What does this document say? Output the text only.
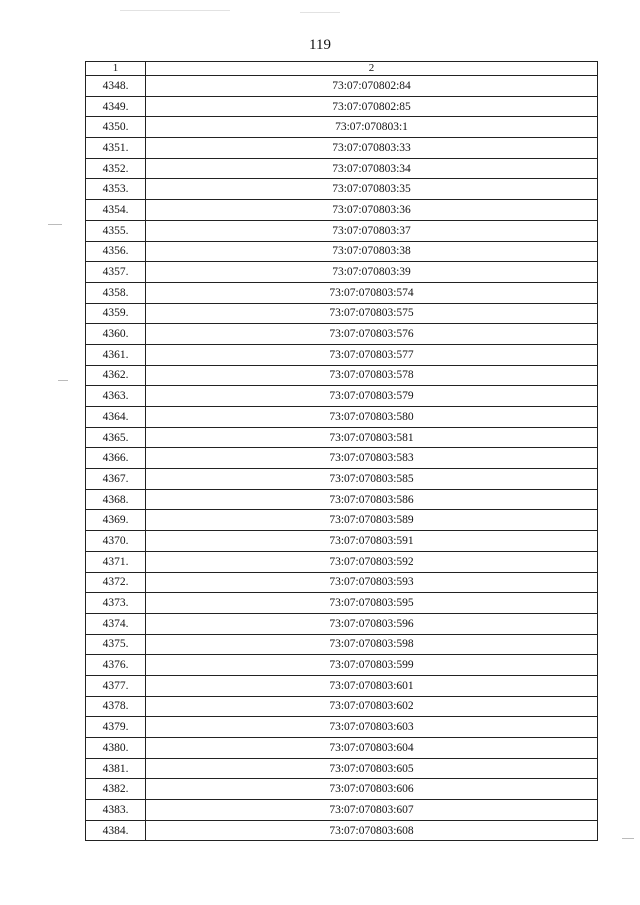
119
1	2
4348.	73:07:070802:84
4349.	73:07:070802:85
4350.	73:07:070803:1
4351.	73:07:070803:33
4352.	73:07:070803:34
4353.	73:07:070803:35
4354.	73:07:070803:36
4355.	73:07:070803:37
4356.	73:07:070803:38
4357.	73:07:070803:39
4358.	73:07:070803:574
4359.	73:07:070803:575
4360.	73:07:070803:576
4361.	73:07:070803:577
4362.	73:07:070803:578
4363.	73:07:070803:579
4364.	73:07:070803:580
4365.	73:07:070803:581
4366.	73:07:070803:583
4367.	73:07:070803:585
4368.	73:07:070803:586
4369.	73:07:070803:589
4370.	73:07:070803:591
4371.	73:07:070803:592
4372.	73:07:070803:593
4373.	73:07:070803:595
4374.	73:07:070803:596
4375.	73:07:070803:598
4376.	73:07:070803:599
4377.	73:07:070803:601
4378.	73:07:070803:602
4379.	73:07:070803:603
4380.	73:07:070803:604
4381.	73:07:070803:605
4382.	73:07:070803:606
4383.	73:07:070803:607
4384.	73:07:070803:608
